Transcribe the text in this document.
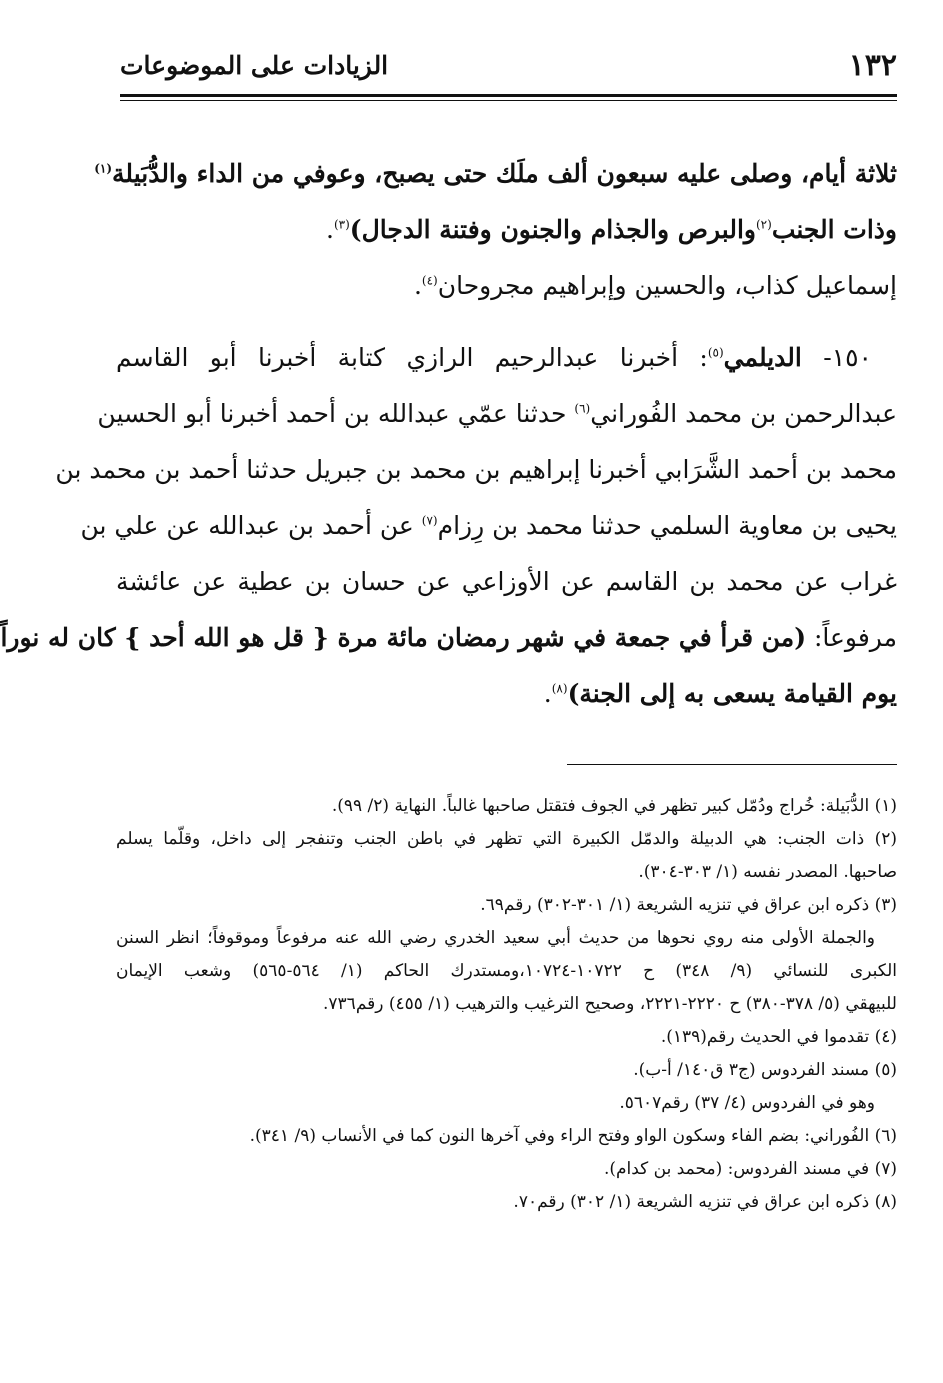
١٣٢
الزيادات على الموضوعات
ثلاثة أيام، وصلى عليه سبعون ألف ملَك حتى يصبح، وعوفي من الداء والدُّبَيلة$^{(١)}$
وذات الجنب$^{(٢)}$والبرص والجذام والجنون وفتنة الدجال)$^{(٣)}$.
إسماعيل كذاب، والحسين وإبراهيم مجروحان$^{(٤)}$.
 ١٥٠- الديلمي$^{(٥)}$: أخبرنا عبدالرحيم الرازي كتابة أخبرنا أبو القاسم
عبدالرحمن بن محمد الفُوراني$^{(٦)}$ حدثنا عمّي عبدالله بن أحمد أخبرنا أبو الحسين
محمد بن أحمد الشَّرَابي أخبرنا إبراهيم بن محمد بن جبريل حدثنا أحمد بن محمد بن
يحيى بن معاوية السلمي حدثنا محمد بن رِزام$^{(٧)}$ عن أحمد بن عبدالله عن علي بن
غراب عن محمد بن القاسم عن الأوزاعي عن حسان بن عطية عن عائشة
مرفوعاً: (من قرأ في جمعة في شهر رمضان مائة مرة { قل هو الله أحد } كان له نوراً
يوم القيامة يسعى به إلى الجنة)$^{(٨)}$.
(١) الدُّبَيلة: خُراج ودُمّل كبير تظهر في الجوف فتقتل صاحبها غالباً. النهاية (٢/ ٩٩).
(٢) ذات الجنب: هي الدبيلة والدمّل الكبيرة التي تظهر في باطن الجنب وتنفجر إلى داخل، وقلّما يسلم
صاحبها. المصدر نفسه (١/ ٣٠٣-٣٠٤).
(٣) ذكره ابن عراق في تنزيه الشريعة (١/ ٣٠١-٣٠٢) رقم٦٩.
والجملة الأولى منه روي نحوها من حديث أبي سعيد الخدري رضي الله عنه مرفوعاً وموقوفاً؛ انظر السنن
الكبرى للنسائي (٩/ ٣٤٨) ح ١٠٧٢٢-١٠٧٢٤،ومستدرك الحاكم (١/ ٥٦٤-٥٦٥) وشعب الإيمان
للبيهقي (٥/ ٣٧٨-٣٨٠) ح ٢٢٢٠-٢٢٢١، وصحيح الترغيب والترهيب (١/ ٤٥٥) رقم٧٣٦.
(٤) تقدموا في الحديث رقم(١٣٩).
(٥) مسند الفردوس (ج٣ ق١٤٠/ أ-ب).
وهو في الفردوس (٤/ ٣٧) رقم٥٦٠٧.
(٦) الفُوراني: بضم الفاء وسكون الواو وفتح الراء وفي آخرها النون كما في الأنساب (٩/ ٣٤١).
(٧) في مسند الفردوس: (محمد بن كدام).
(٨) ذكره ابن عراق في تنزيه الشريعة (١/ ٣٠٢) رقم٧٠.
